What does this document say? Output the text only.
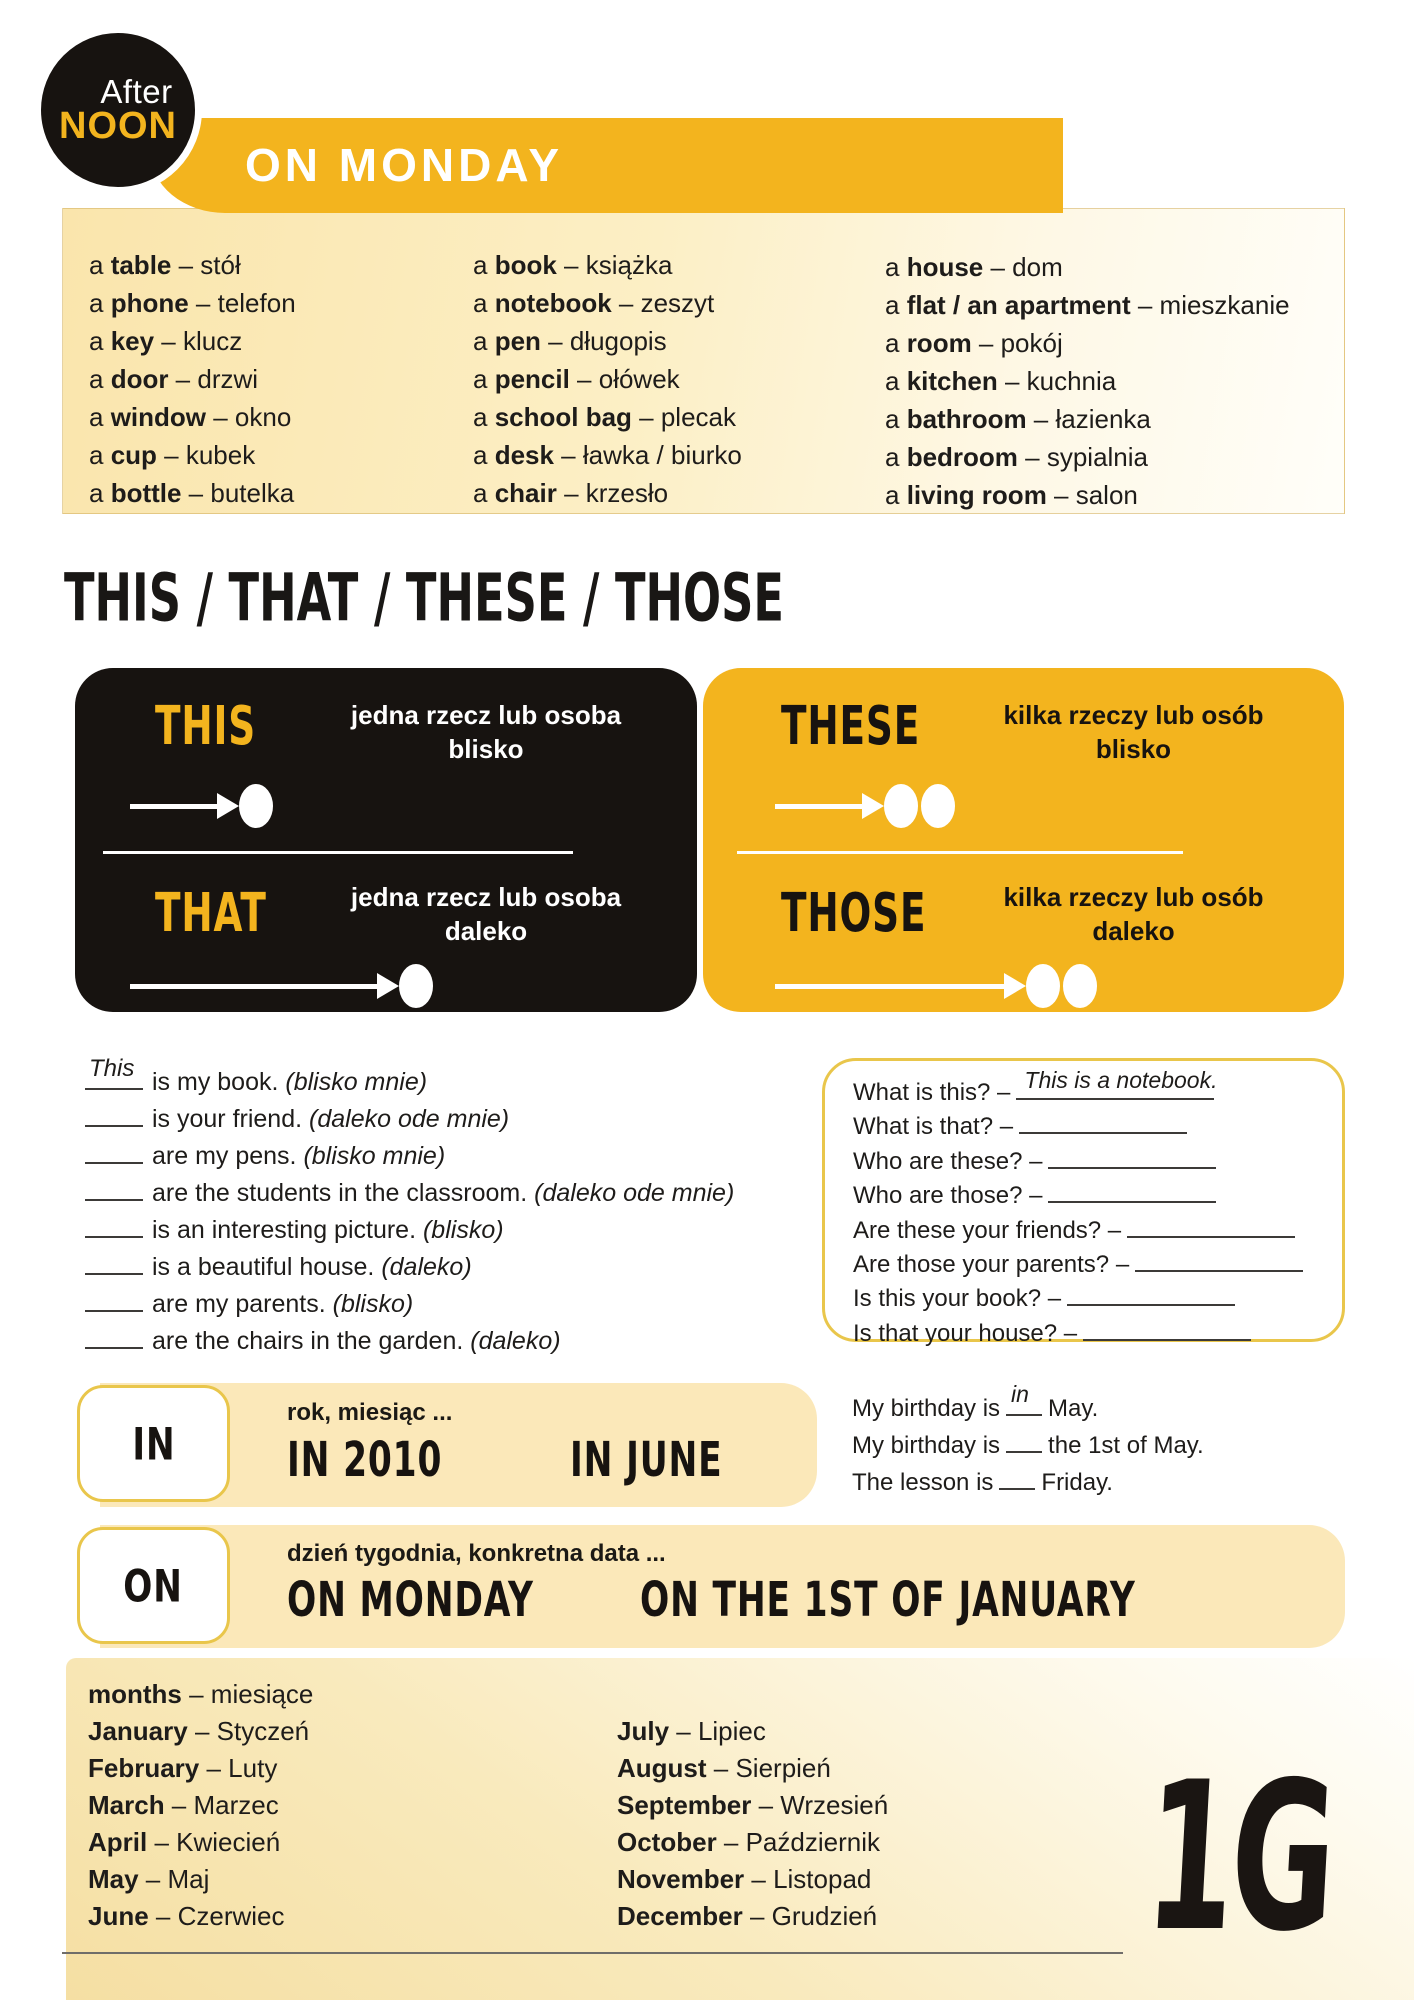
ON MONDAY
After
NOON
a table – stół
a phone – telefon
a key – klucz
a door – drzwi
a window – okno
a cup – kubek
a bottle – butelka
a book – książka
a notebook – zeszyt
a pen – długopis
a pencil – ołówek
a school bag – plecak
a desk – ławka / biurko
a chair – krzesło
a house – dom
a flat / an apartment – mieszkanie
a room – pokój
a kitchen – kuchnia
a bathroom – łazienka
a bedroom – sypialnia
a living room – salon
THIS / THAT / THESE / THOSE
THIS	jedna rzecz lub osoba
blisko
THAT	jedna rzecz lub osoba
daleko
THESE	kilka rzeczy lub osób
blisko
THOSE	kilka rzeczy lub osób
daleko
This is my book. (blisko mnie)
is your friend. (daleko ode mnie)
are my pens. (blisko mnie)
are the students in the classroom. (daleko ode mnie)
is an interesting picture. (blisko)
is a beautiful house. (daleko)
are my parents. (blisko)
are the chairs in the garden. (daleko)
What is this? – This is a notebook.
What is that? –
Who are these? –
Who are those? –
Are these your friends? –
Are those your parents? –
Is this your book? –
Is that your house? –
rok, miesiąc ...
IN 2010	IN JUNE
IN
My birthday is
in
May.
My birthday is the 1st of May.
The lesson is Friday.
dzień tygodnia, konkretna data ...
ON MONDAY	ON THE 1ST OF JANUARY
ON
months – miesiące
January – Styczeń
February – Luty
March – Marzec
April – Kwiecień
May – Maj
June – Czerwiec
July – Lipiec
August – Sierpień
September – Wrzesień
October – Październik
November – Listopad
December – Grudzień 1G
